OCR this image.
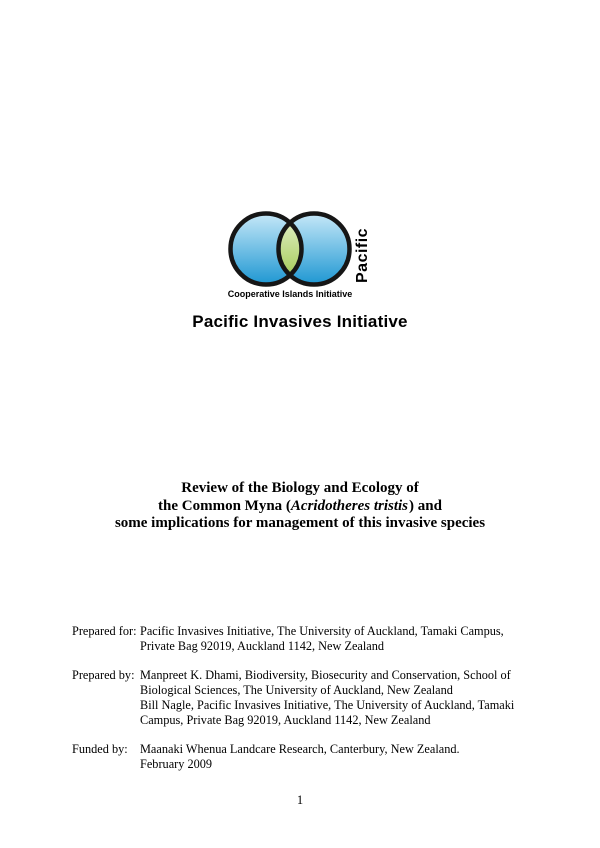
Pacific
Cooperative Islands Initiative
Pacific Invasives Initiative
Review of the Biology and Ecology of
the Common Myna (Acridotheres tristis) and
some implications for management of this invasive species
Prepared for: Pacific Invasives Initiative, The University of Auckland, Tamaki Campus,
Private Bag 92019, Auckland 1142, New Zealand
Prepared by: Manpreet K. Dhami, Biodiversity, Biosecurity and Conservation, School of
Biological Sciences, The University of Auckland, New Zealand
Bill Nagle, Pacific Invasives Initiative, The University of Auckland, Tamaki
Campus, Private Bag 92019, Auckland 1142, New Zealand
Funded by:	Maanaki Whenua Landcare Research, Canterbury, New Zealand.
February 2009
1
